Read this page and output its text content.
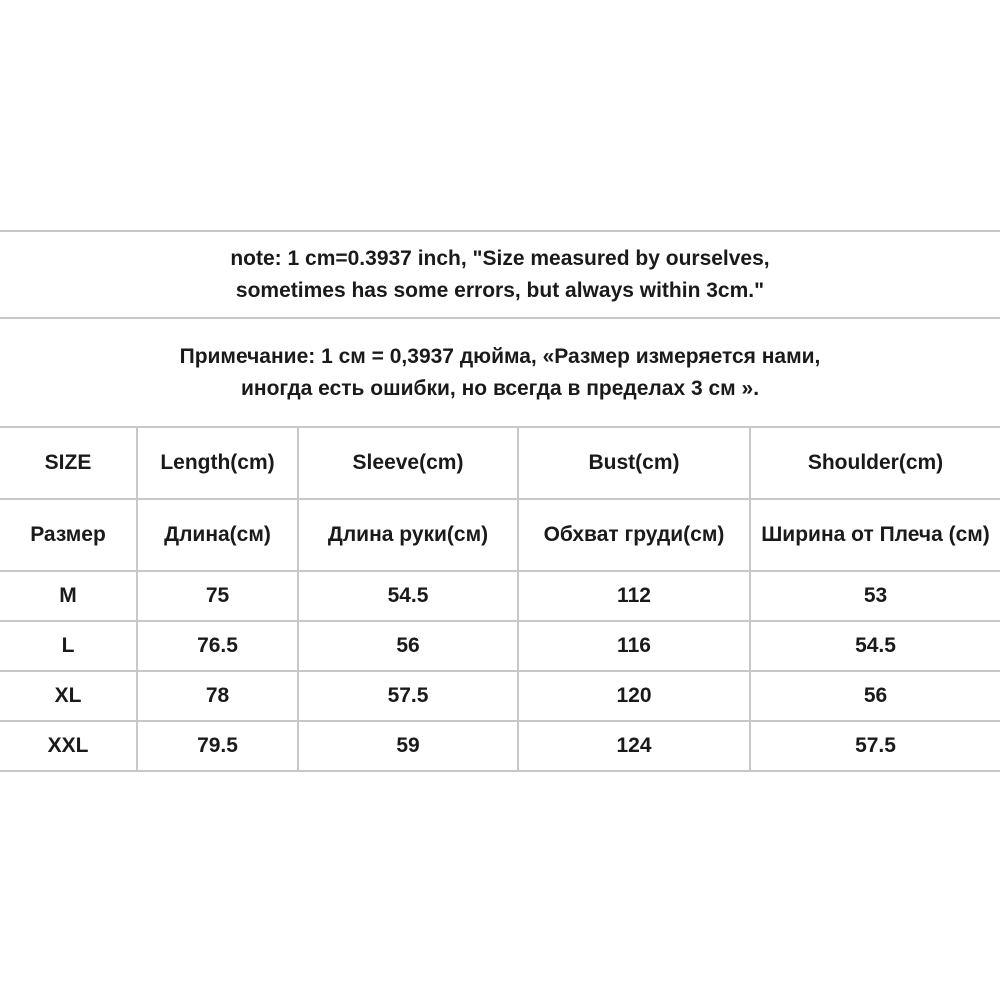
note: 1 cm=0.3937 inch, "Size measured by ourselves,
sometimes has some errors, but always within 3cm."
Примечание: 1 см = 0,3937 дюйма, «Размер измеряется нами,
иногда есть ошибки, но всегда в пределах 3 см ».
SIZE	Length(cm)	Sleeve(cm)	Bust(cm)	Shoulder(cm)
Размер	Длина(см)	Длина руки(см)	Обхват груди(см)	Ширина от Плеча (см)
M	75	54.5	112	53
L	76.5	56	116	54.5
XL	78	57.5	120	56
XXL	79.5	59	124	57.5
